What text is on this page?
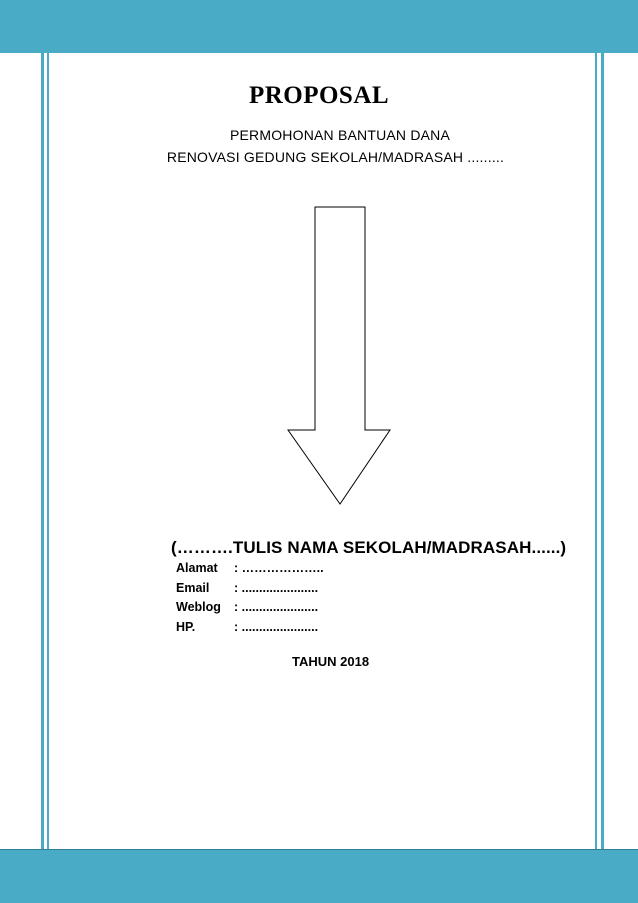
PROPOSAL
PERMOHONAN BANTUAN DANA
RENOVASI GEDUNG SEKOLAH/MADRASAH .........
(……….TULIS NAMA SEKOLAH/MADRASAH......)
Alamat	: ………………..
Email	: ......................
Weblog	: ......................
HP.	: ......................
TAHUN 2018
